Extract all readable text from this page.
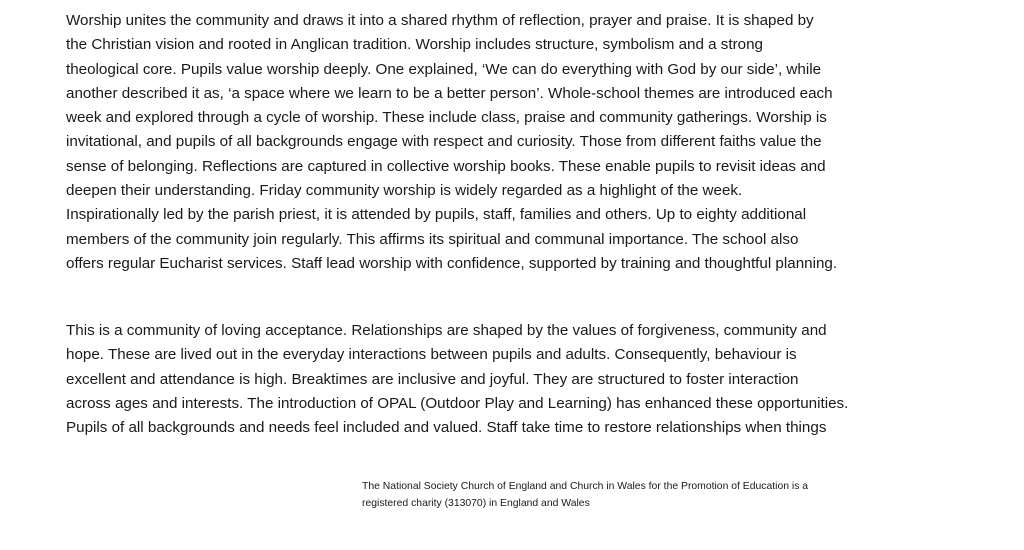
Worship unites the community and draws it into a shared rhythm of reflection, prayer and praise. It is shaped by
the Christian vision and rooted in Anglican tradition. Worship includes structure, symbolism and a strong
theological core. Pupils value worship deeply. One explained, ‘We can do everything with God by our side’, while
another described it as, ‘a space where we learn to be a better person’. Whole-school themes are introduced each
week and explored through a cycle of worship. These include class, praise and community gatherings. Worship is
invitational, and pupils of all backgrounds engage with respect and curiosity. Those from different faiths value the
sense of belonging. Reflections are captured in collective worship books. These enable pupils to revisit ideas and
deepen their understanding. Friday community worship is widely regarded as a highlight of the week.
Inspirationally led by the parish priest, it is attended by pupils, staff, families and others. Up to eighty additional
members of the community join regularly. This affirms its spiritual and communal importance. The school also
offers regular Eucharist services. Staff lead worship with confidence, supported by training and thoughtful planning.
This is a community of loving acceptance. Relationships are shaped by the values of forgiveness, community and
hope. These are lived out in the everyday interactions between pupils and adults. Consequently, behaviour is
excellent and attendance is high. Breaktimes are inclusive and joyful. They are structured to foster interaction
across ages and interests. The introduction of OPAL (Outdoor Play and Learning) has enhanced these opportunities.
Pupils of all backgrounds and needs feel included and valued. Staff take time to restore relationships when things
The National Society Church of England and Church in Wales for the Promotion of Education is a
registered charity (313070) in England and Wales
